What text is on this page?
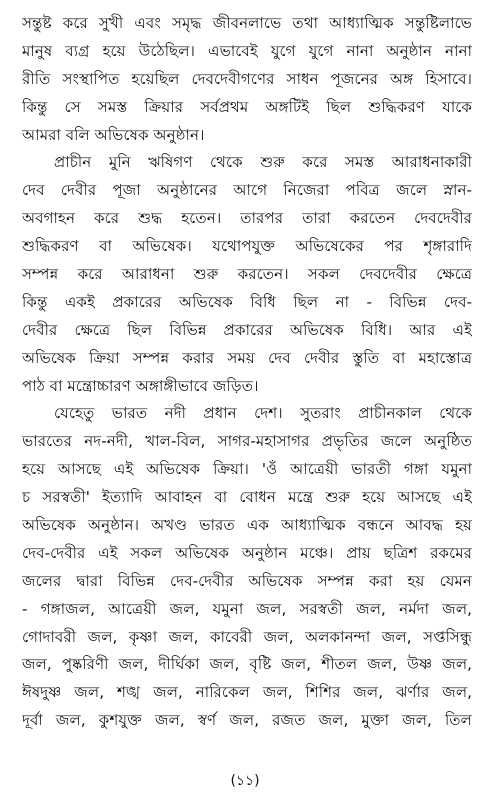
সন্তুষ্ট করে সুখী এবং সমৃদ্ধ জীবনলাভে তথা আধ্যাত্মিক সন্তুষ্টিলাভে
মানুষ ব্যগ্র হয়ে উঠেছিল। এভাবেই যুগে যুগে নানা অনুষ্ঠান নানা
রীতি সংস্থাপিত হয়েছিল দেবদেবীগণের সাধন পূজনের অঙ্গ হিসাবে।
কিন্তু সে সমস্ত ক্রিয়ার সর্বপ্রথম অঙ্গটিই ছিল শুদ্ধিকরণ যাকে
আমরা বলি অভিষেক অনুষ্ঠান।
প্রাচীন মুনি ঋষিগণ থেকে শুরু করে সমস্ত আরাধনাকারী
দেব দেবীর পূজা অনুষ্ঠানের আগে নিজেরা পবিত্র জলে স্নান-
অবগাহন করে শুদ্ধ হতেন। তারপর তারা করতেন দেবদেবীর
শুদ্ধিকরণ বা অভিষেক। যথোপযুক্ত অভিষেকের পর শৃঙ্গারাদি
সম্পন্ন করে আরাধনা শুরু করতেন। সকল দেবদেবীর ক্ষেত্রে
কিন্তু একই প্রকারের অভিষেক বিধি ছিল না - বিভিন্ন দেব-
দেবীর ক্ষেত্রে ছিল বিভিন্ন প্রকারের অভিষেক বিধি। আর এই
অভিষেক ক্রিয়া সম্পন্ন করার সময় দেব দেবীর স্তুতি বা মহাস্তোত্র
পাঠ বা মন্ত্রোচ্চারণ অঙ্গাঙ্গীভাবে জড়িত।
যেহেতু ভারত নদী প্রধান দেশ। সুতরাং প্রাচীনকাল থেকে
ভারতের নদ-নদী, খাল-বিল, সাগর-মহাসাগর প্রভৃতির জলে অনুষ্ঠিত
হয়ে আসছে এই অভিষেক ক্রিয়া। 'ওঁ আত্রেয়ী ভারতী গঙ্গা যমুনা
চ সরস্বতী' ইত্যাদি আবাহন বা বোধন মন্ত্রে শুরু হয়ে আসছে এই
অভিষেক অনুষ্ঠান। অখণ্ড ভারত এক আধ্যাত্মিক বন্ধনে আবদ্ধ হয়
দেব-দেবীর এই সকল অভিষেক অনুষ্ঠান মঞ্চে। প্রায় ছত্রিশ রকমের
জলের দ্বারা বিভিন্ন দেব-দেবীর অভিষেক সম্পন্ন করা হয় যেমন
- গঙ্গাজল, আত্রেয়ী জল, যমুনা জল, সরস্বতী জল, নর্মদা জল,
গোদাবরী জল, কৃষ্ণা জল, কাবেরী জল, অলকানন্দা জল, সপ্তসিন্ধু
জল, পুষ্করিণী জল, দীর্ঘিকা জল, বৃষ্টি জল, শীতল জল, উষ্ণ জল,
ঈষদুষ্ণ জল, শঙ্খ জল, নারিকেল জল, শিশির জল, ঝর্ণার জল,
দূর্বা জল, কুশযুক্ত জল, স্বর্ণ জল, রজত জল, মুক্তা জল, তিল
(১১)
